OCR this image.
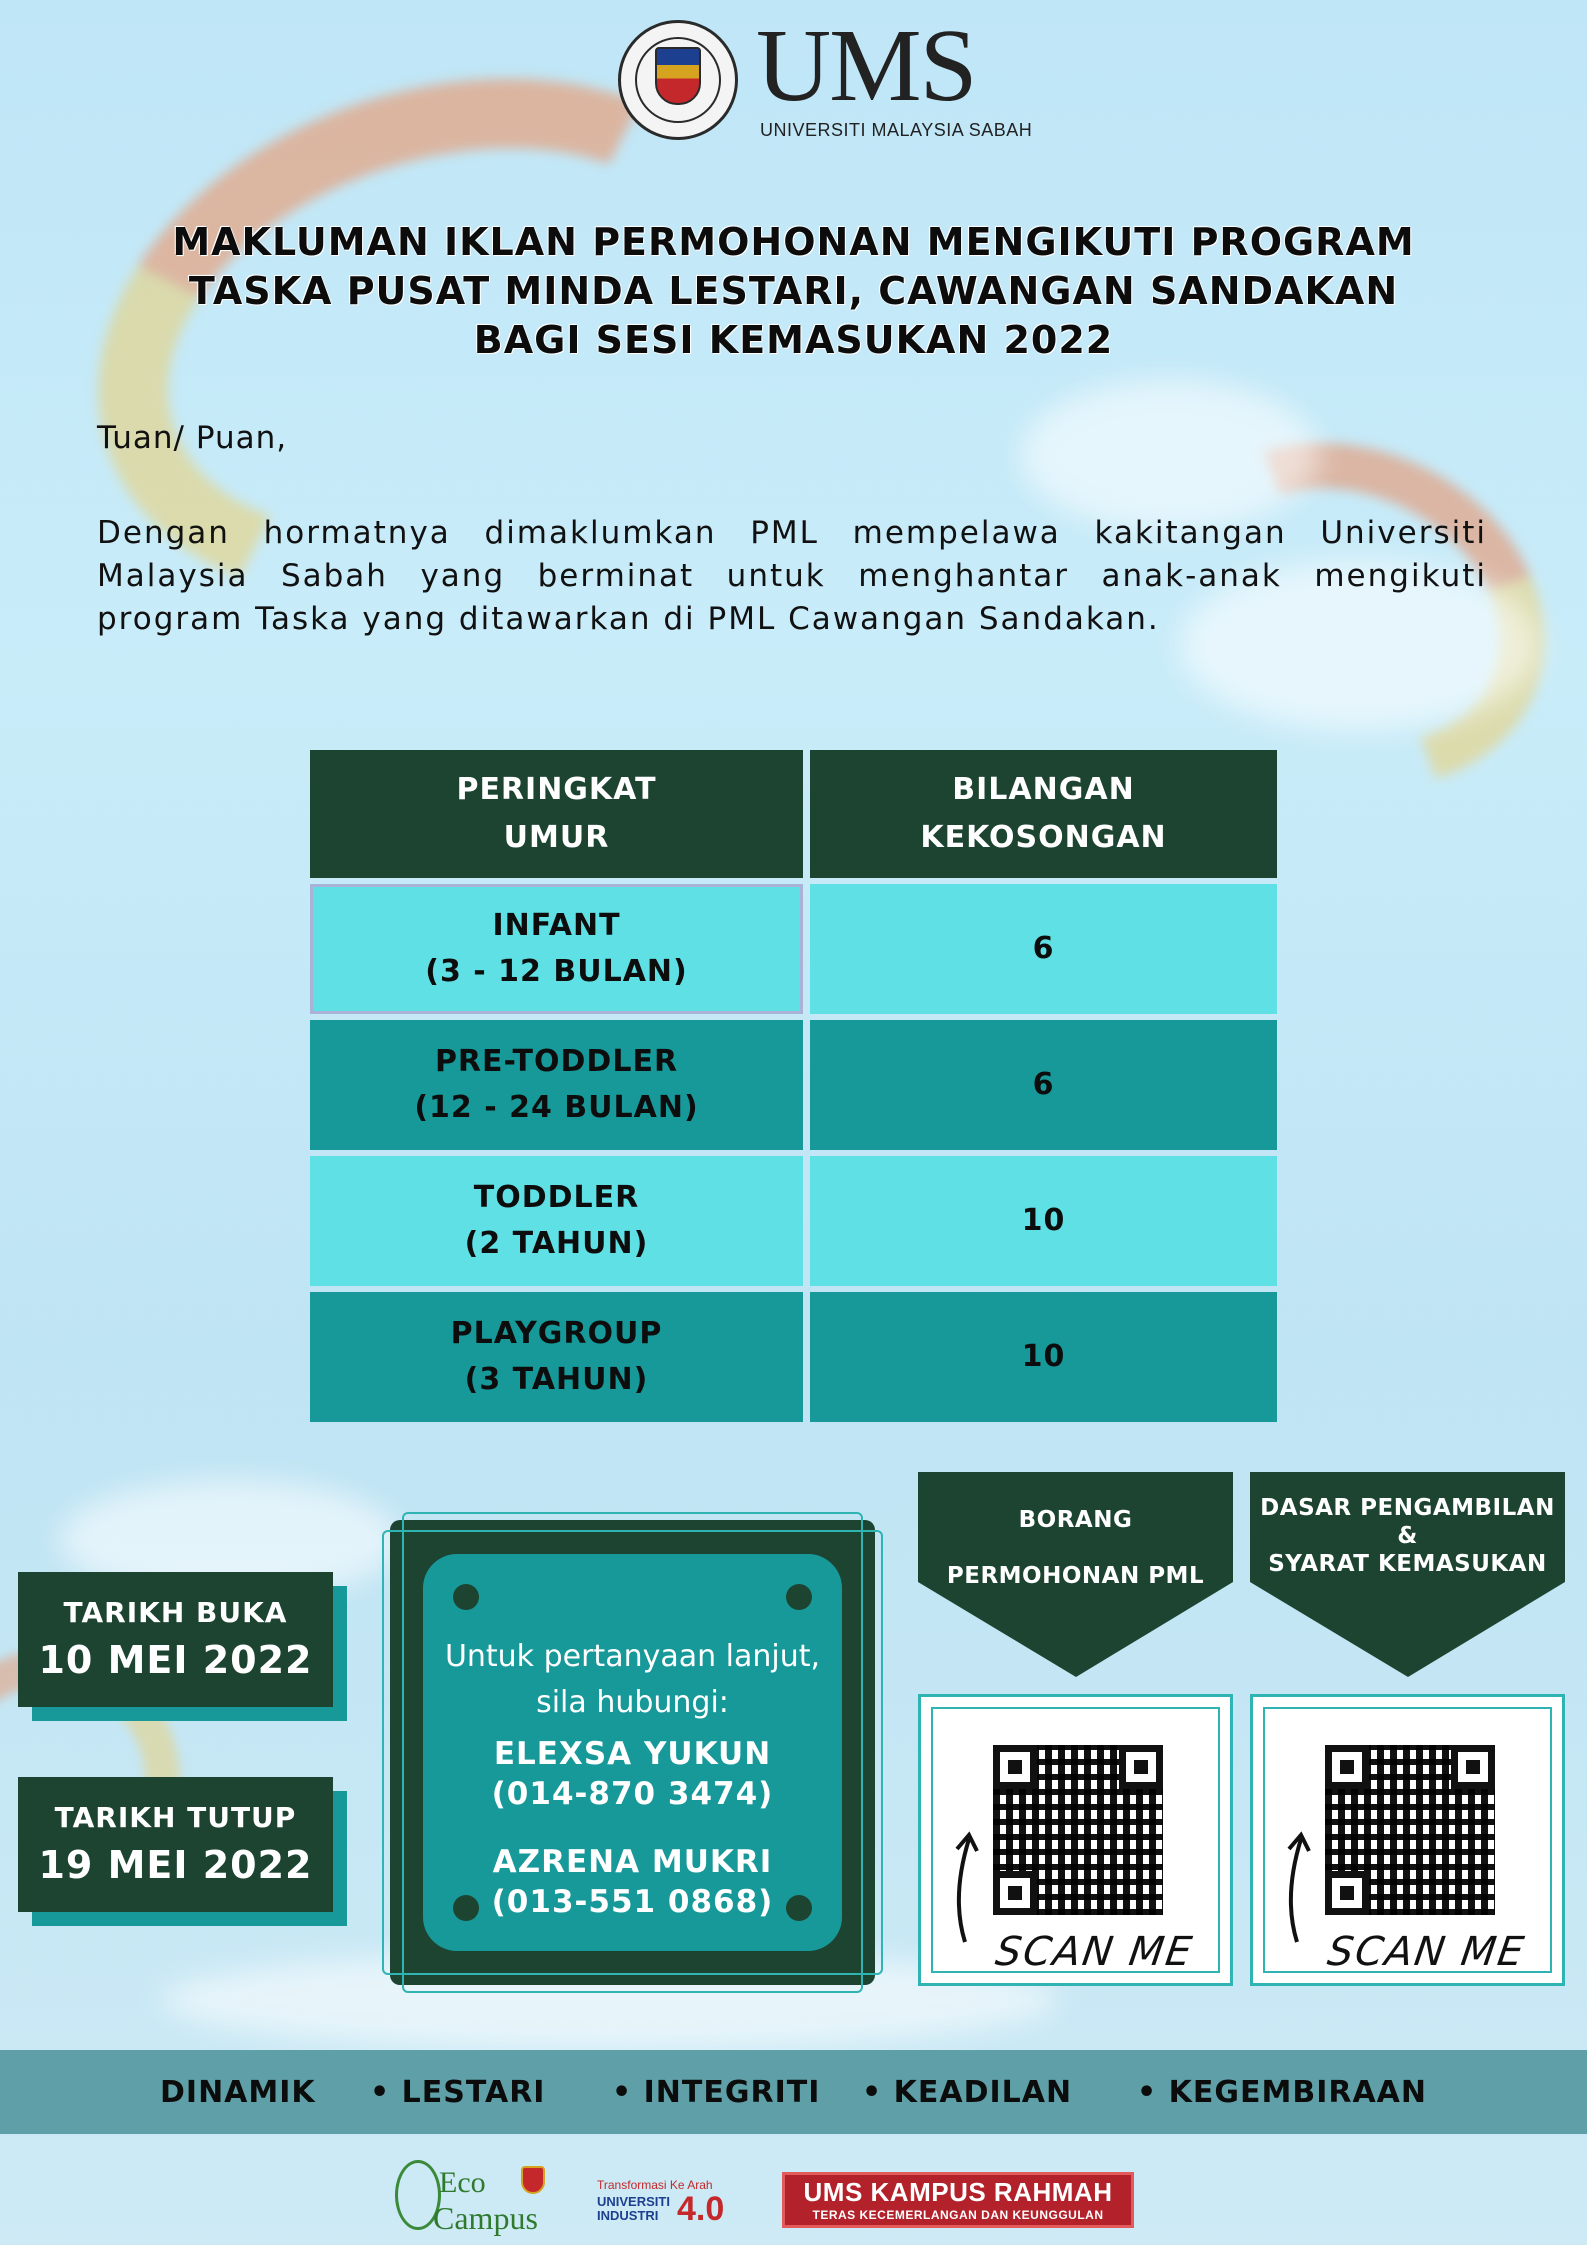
UMS
UNIVERSITI MALAYSIA SABAH
MAKLUMAN IKLAN PERMOHONAN MENGIKUTI PROGRAM
TASKA PUSAT MINDA LESTARI, CAWANGAN SANDAKAN
BAGI SESI KEMASUKAN 2022
Tuan/ Puan,
Dengan hormatnya dimaklumkan PML mempelawa kakitangan Universiti Malaysia Sabah yang berminat untuk menghantar anak-anak mengikuti program Taska yang ditawarkan di PML Cawangan Sandakan.
PERINGKAT
UMUR
BILANGAN
KEKOSONGAN
INFANT
(3 - 12 BULAN)
6
PRE-TODDLER
(12 - 24 BULAN)
6
TODDLER
(2 TAHUN)
10
PLAYGROUP
(3 TAHUN)
10
TARIKH BUKA
10 MEI 2022
TARIKH TUTUP
19 MEI 2022
Untuk pertanyaan lanjut,
sila hubungi:
ELEXSA YUKUN
(014-870 3474)
AZRENA MUKRI
(013-551 0868)
BORANG
PERMOHONAN PML
SCAN ME
DASAR PENGAMBILAN
&
SYARAT KEMASUKAN
SCAN ME
DINAMIK • LESTARI • INTEGRITI • KEADILAN • KEGEMBIRAAN
Eco
Campus
Transformasi Ke Arah
UNIVERSITI
INDUSTRI 4.0	UMS KAMPUS RAHMAH
TERAS KECEMERLANGAN DAN KEUNGGULAN
